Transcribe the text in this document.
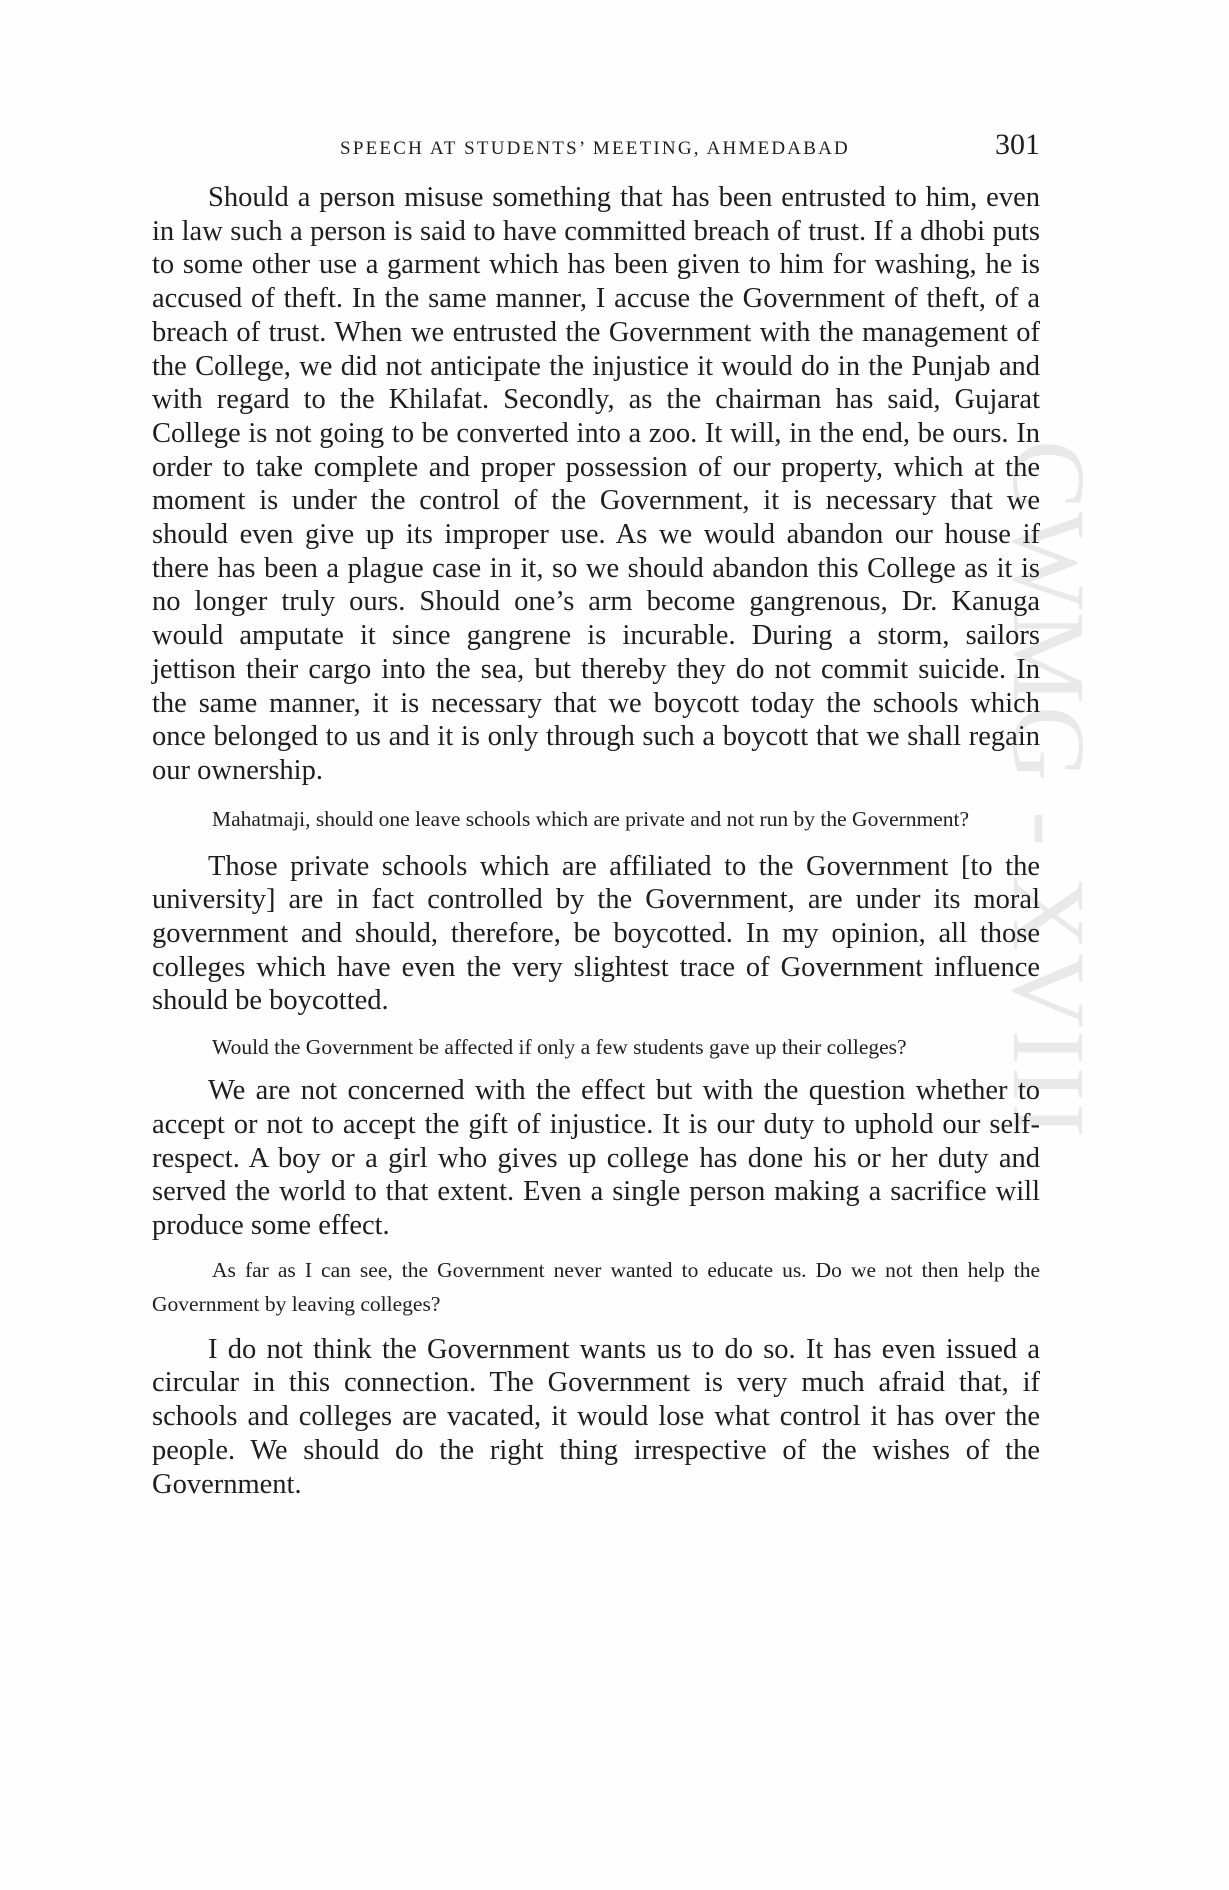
CWMG - XVIII
SPEECH AT STUDENTS’ MEETING, AHMEDABAD	301

Should a person misuse something that has been entrusted to him, even in law such a person is said to have committed breach of trust. If a dhobi puts to some other use a garment which has been given to him for washing, he is accused of theft. In the same manner, I accuse the Government of theft, of a breach of trust. When we entrusted the Government with the management of the College, we did not anticipate the injustice it would do in the Punjab and with regard to the Khilafat. Secondly, as the chairman has said, Gujarat College is not going to be converted into a zoo. It will, in the end, be ours. In order to take complete and proper possession of our property, which at the moment is under the control of the Government, it is necessary that we should even give up its improper use. As we would abandon our house if there has been a plague case in it, so we should abandon this College as it is no longer truly ours. Should one’s arm become gangrenous, Dr. Kanuga would amputate it since gangrene is incurable. During a storm, sailors jettison their cargo into the sea, but thereby they do not commit suicide. In the same manner, it is necessary that we boycott today the schools which once belonged to us and it is only through such a boycott that we shall regain our ownership.

Mahatmaji, should one leave schools which are private and not run by the Government?

Those private schools which are affiliated to the Government [to the university] are in fact controlled by the Government, are under its moral government and should, therefore, be boycotted. In my opinion, all those colleges which have even the very slightest trace of Government influence should be boycotted.

Would the Government be affected if only a few students gave up their colleges?

We are not concerned with the effect but with the question whether to accept or not to accept the gift of injustice. It is our duty to uphold our self-respect. A boy or a girl who gives up college has done his or her duty and served the world to that extent. Even a single person making a sacrifice will produce some effect.

As far as I can see, the Government never wanted to educate us. Do we not then help the Government by leaving colleges?

I do not think the Government wants us to do so. It has even issued a circular in this connection. The Government is very much afraid that, if schools and colleges are vacated, it would lose what control it has over the people. We should do the right thing irrespective of the wishes of the Government.
